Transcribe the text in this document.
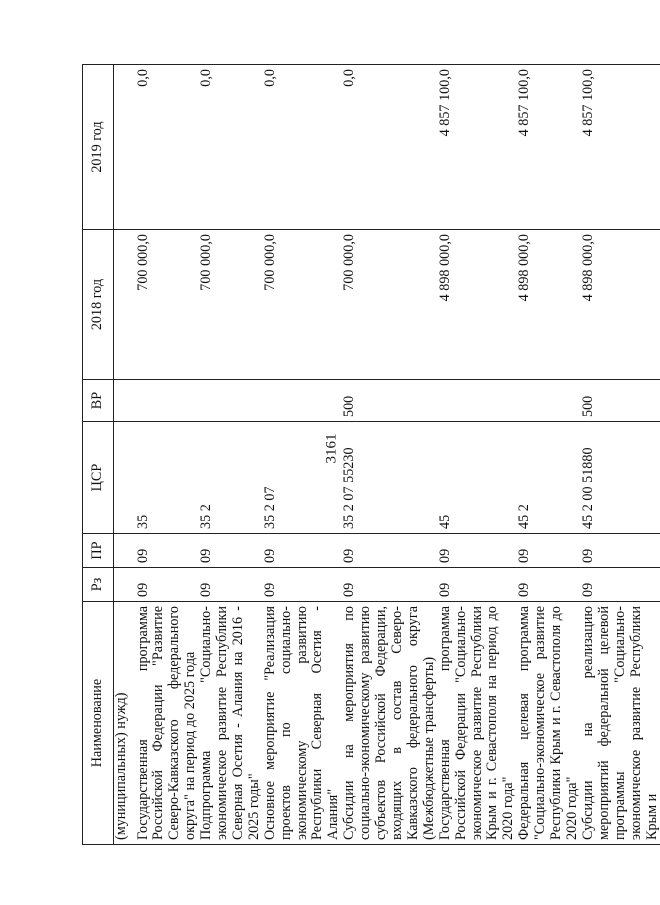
3161
Наименование	Рз	ПР	ЦСР	ВР	2018 год	2019 год
(муниципальных) нужд)						
Государственная программа Российской Федерации "Развитие Северо-Кавказского федерального округа" на период до 2025 года	09	09	35		700 000,0	0,0
Подпрограмма "Социально-экономическое развитие Республики Северная Осетия - Алания на 2016 - 2025 годы"	09	09	35 2		700 000,0	0,0
Основное мероприятие "Реализация проектов по социально-экономическому развитию Республики Северная Осетия - Алания"	09	09	35 2 07		700 000,0	0,0
Субсидии на мероприятия по социально-экономическому развитию субъектов Российской Федерации, входящих в состав Северо-Кавказского федерального округа (Межбюджетные трансферты)	09	09	35 2 07 55230	500	700 000,0	0,0
Государственная программа Российской Федерации "Социально-экономическое развитие Республики Крым и г. Севастополя на период до 2020 года"	09	09	45		4 898 000,0	4 857 100,0
Федеральная целевая программа "Социально-экономическое развитие Республики Крым и г. Севастополя до 2020 года"	09	09	45 2		4 898 000,0	4 857 100,0
Субсидии на реализацию мероприятий федеральной целевой программы "Социально-экономическое развитие Республики Крым и	09	09	45 2 00 51880	500	4 898 000,0	4 857 100,0
